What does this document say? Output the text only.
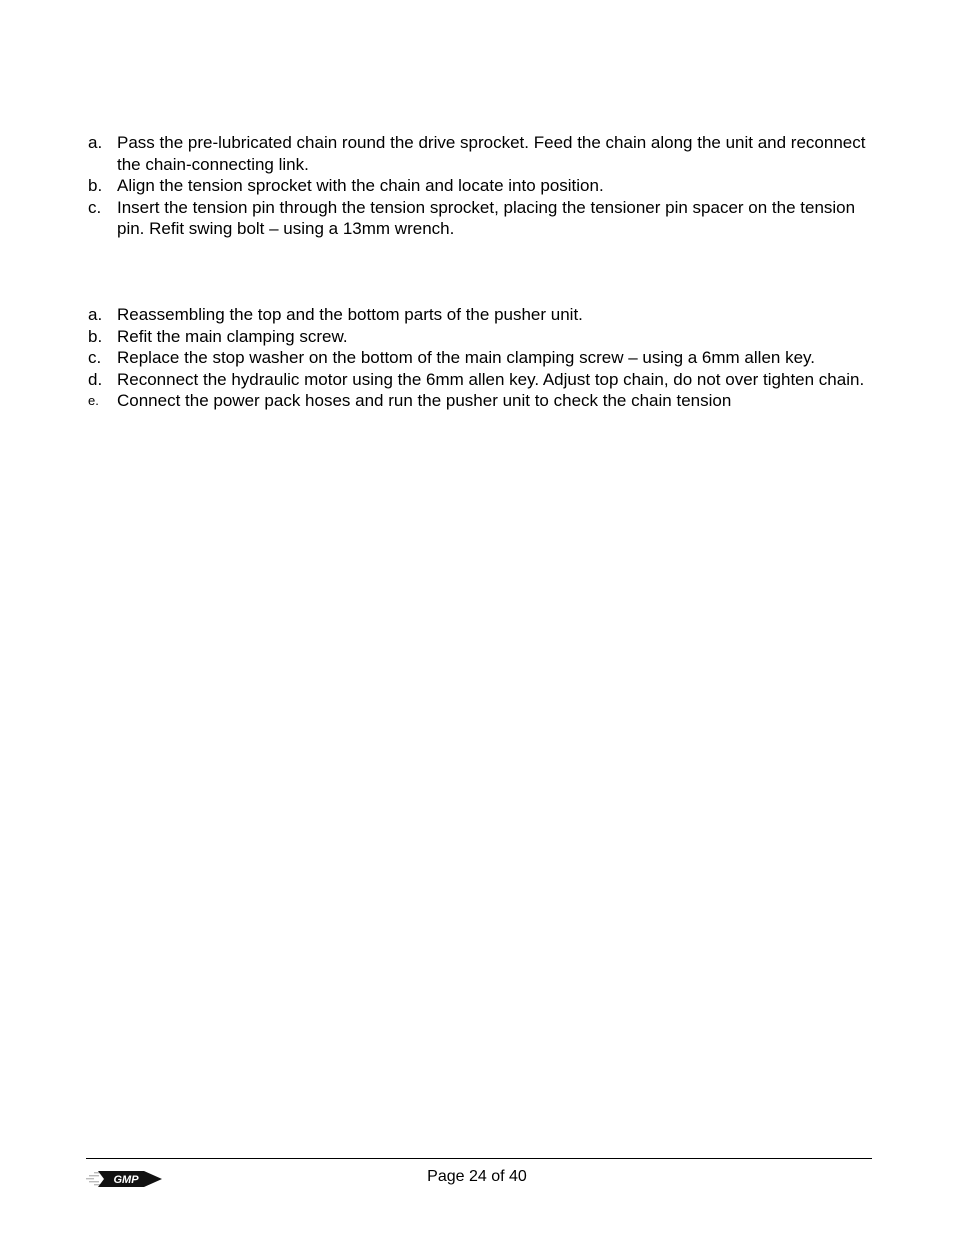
a. Pass the pre-lubricated chain round the drive sprocket. Feed the chain along the unit and reconnect the chain-connecting link.
b. Align the tension sprocket with the chain and locate into position.
c. Insert the tension pin through the tension sprocket, placing the tensioner pin spacer on the tension pin. Refit swing bolt – using a 13mm wrench.
a. Reassembling the top and the bottom parts of the pusher unit.
b. Refit the main clamping screw.
c. Replace the stop washer on the bottom of the main clamping screw – using a 6mm allen key.
d. Reconnect the hydraulic motor using the 6mm allen key. Adjust top chain, do not over tighten chain.
e. Connect the power pack hoses and run the pusher unit to check the chain tension
GMP	Page 24 of 40
